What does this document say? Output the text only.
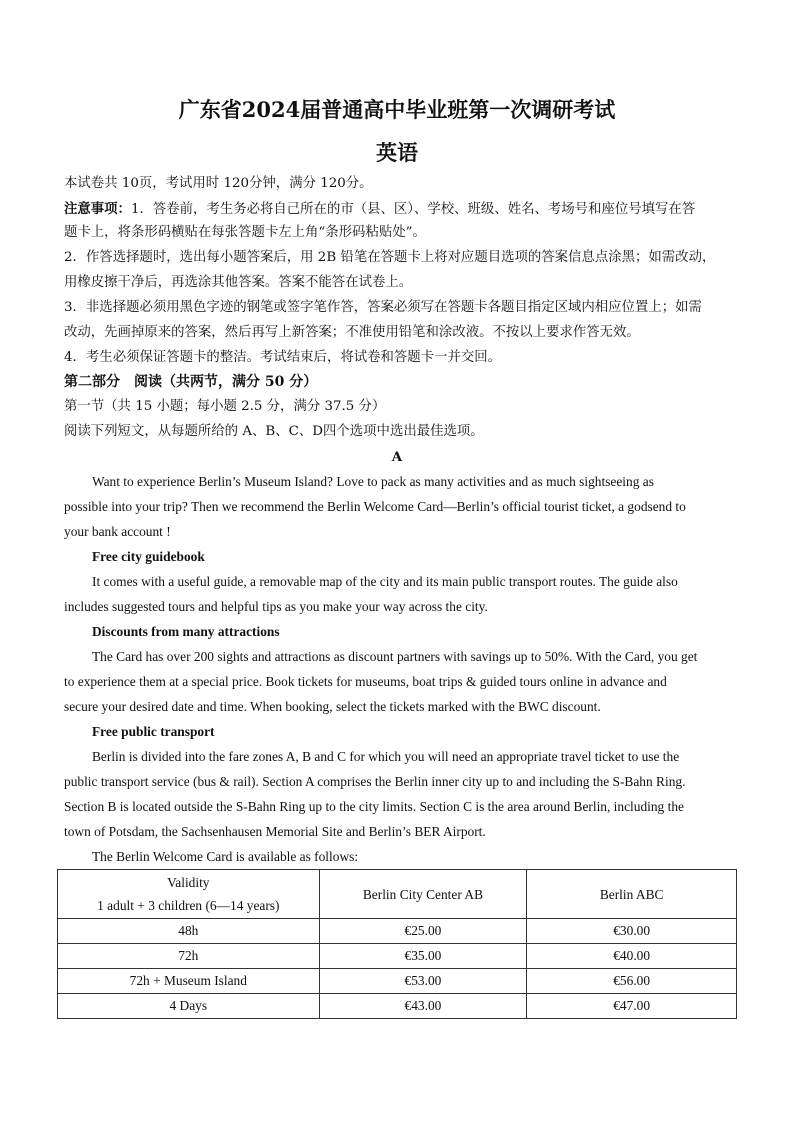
广东省2024届普通高中毕业班第一次调研考试
英语
本试卷共 10页，考试用时 120分钟，满分 120分。
注意事项：1．答卷前，考生务必将自己所在的市（县、区）、学校、班级、姓名、考场号和座位号填写在答
题卡上，将条形码横贴在每张答题卡左上角“条形码粘贴处”。
2．作答选择题时，选出每小题答案后，用 2B 铅笔在答题卡上将对应题目选项的答案信息点涂黑；如需改动，
用橡皮擦干净后，再选涂其他答案。答案不能答在试卷上。
3．非选择题必须用黑色字迹的钢笔或签字笔作答，答案必须写在答题卡各题目指定区域内相应位置上；如需
改动，先画掉原来的答案，然后再写上新答案；不准使用铅笔和涂改液。不按以上要求作答无效。
4．考生必须保证答题卡的整洁。考试结束后，将试卷和答题卡一并交回。
第二部分　阅读（共两节，满分 50 分）
第一节（共 15 小题；每小题 2.5 分，满分 37.5 分）
阅读下列短文，从每题所给的 A、B、C、D四个选项中选出最佳选项。
A
Want to experience Berlin’s Museum Island? Love to pack as many activities and as much sightseeing as
possible into your trip? Then we recommend the Berlin Welcome Card—Berlin’s official tourist ticket, a godsend to
your bank account !
Free city guidebook
It comes with a useful guide, a removable map of the city and its main public transport routes. The guide also
includes suggested tours and helpful tips as you make your way across the city.
Discounts from many attractions
The Card has over 200 sights and attractions as discount partners with savings up to 50%. With the Card, you get
to experience them at a special price. Book tickets for museums, boat trips & guided tours online in advance and
secure your desired date and time. When booking, select the tickets marked with the BWC discount.
Free public transport
Berlin is divided into the fare zones A, B and C for which you will need an appropriate travel ticket to use the
public transport service (bus & rail). Section A comprises the Berlin inner city up to and including the S-Bahn Ring.
Section B is located outside the S-Bahn Ring up to the city limits. Section C is the area around Berlin, including the
town of Potsdam, the Sachsenhausen Memorial Site and Berlin’s BER Airport.
The Berlin Welcome Card is available as follows:
Validity
1 adult + 3 children (6—14 years)	Berlin City Center AB	Berlin ABC
48h	€25.00	€30.00
72h	€35.00	€40.00
72h + Museum Island	€53.00	€56.00
4 Days	€43.00	€47.00
